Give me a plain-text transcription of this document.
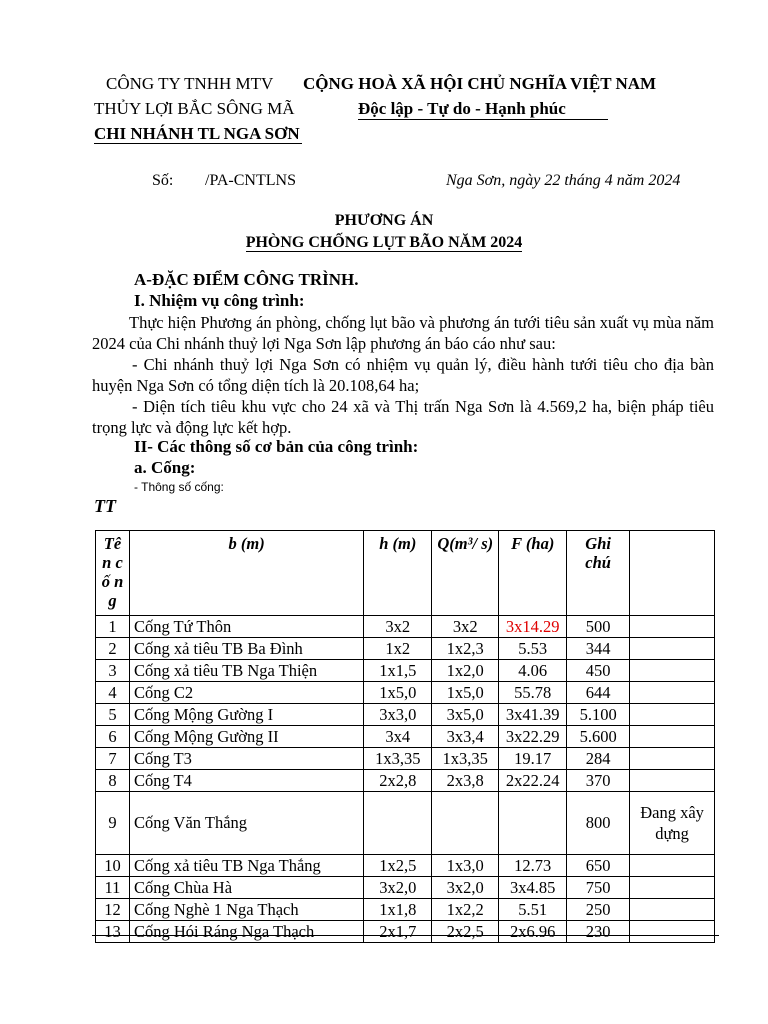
CÔNG TY TNHH MTV
THỦY LỢI BẮC SÔNG MÃ
CHI NHÁNH TL NGA SƠN
CỘNG HOÀ XÃ HỘI CHỦ NGHĨA VIỆT NAM
Độc lập - Tự do - Hạnh phúc
Số: /PA-CNTLNS	Nga Sơn, ngày 22 tháng 4 năm 2024
PHƯƠNG ÁN
PHÒNG CHỐNG LỤT BÃO NĂM 2024
A-ĐẶC ĐIỂM CÔNG TRÌNH.
I. Nhiệm vụ công trình:
Thực hiện Phương án phòng, chống lụt bão và phương án tưới tiêu sản xuất vụ mùa năm 2024 của Chi nhánh thuỷ lợi Nga Sơn lập phương án báo cáo như sau:
- Chi nhánh thuỷ lợi Nga Sơn có nhiệm vụ quản lý, điều hành tưới tiêu cho địa bàn huyện Nga Sơn có tổng diện tích là 20.108,64 ha;
- Diện tích tiêu khu vực cho 24 xã và Thị trấn Nga Sơn là 4.569,2 ha, biện pháp tiêu trọng lực và động lực kết hợp.
II- Các thông số cơ bản của công trình:
a. Cống:
- Thông số cống:
TT
Tê n cố ng	b (m)	h (m)	Q(m³/ s)	F (ha)	Ghi chú	
1	Cống Tứ Thôn	3x2	3x2	3x14.29	500	
2	Cống xả tiêu TB Ba Đình	1x2	1x2,3	5.53	344	
3	Cống xả tiêu TB Nga Thiện	1x1,5	1x2,0	4.06	450	
4	Cống C2	1x5,0	1x5,0	55.78	644	
5	Cống Mộng Gường I	3x3,0	3x5,0	3x41.39	5.100	
6	Cống Mộng Gường II	3x4	3x3,4	3x22.29	5.600	
7	Cống T3	1x3,35	1x3,35	19.17	284	
8	Cống T4	2x2,8	2x3,8	2x22.24	370	
9	Cống Văn Thắng				800	Đang xây dựng
10	Cống xả tiêu TB Nga Thắng	1x2,5	1x3,0	12.73	650	
11	Cống Chùa Hà	3x2,0	3x2,0	3x4.85	750	
12	Cống Nghè 1 Nga Thạch	1x1,8	1x2,2	5.51	250	
13	Cống Hói Ráng Nga Thạch	2x1,7	2x2,5	2x6.96	230	
